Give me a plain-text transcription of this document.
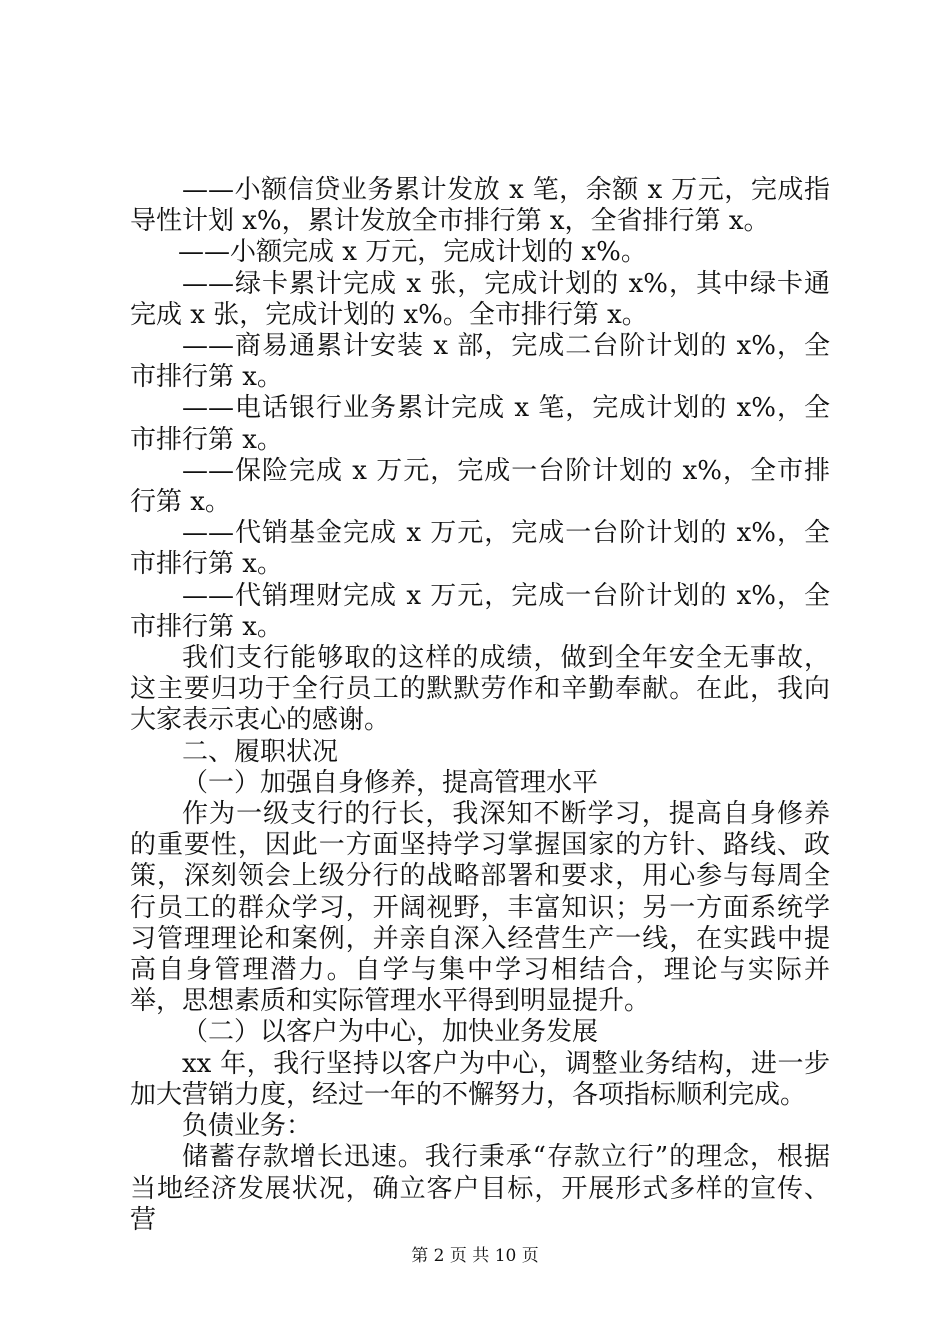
——小额信贷业务累计发放 x 笔，余额 x 万元，完成指导性计划 x%，累计发放全市排行第 x，全省排行第 x。

——小额完成 x 万元，完成计划的 x%。

——绿卡累计完成 x 张，完成计划的 x%，其中绿卡通完成 x 张，完成计划的 x%。全市排行第 x。

——商易通累计安装 x 部，完成二台阶计划的 x%，全市排行第 x。

——电话银行业务累计完成 x 笔，完成计划的 x%，全市排行第 x。

——保险完成 x 万元，完成一台阶计划的 x%，全市排行第 x。

——代销基金完成 x 万元，完成一台阶计划的 x%，全市排行第 x。

——代销理财完成 x 万元，完成一台阶计划的 x%，全市排行第 x。

我们支行能够取的这样的成绩，做到全年安全无事故，这主要归功于全行员工的默默劳作和辛勤奉献。在此，我向大家表示衷心的感谢。

二、履职状况

（一）加强自身修养，提高管理水平

作为一级支行的行长，我深知不断学习，提高自身修养的重要性，因此一方面坚持学习掌握国家的方针、路线、政策，深刻领会上级分行的战略部署和要求，用心参与每周全行员工的群众学习，开阔视野，丰富知识；另一方面系统学习管理理论和案例，并亲自深入经营生产一线，在实践中提高自身管理潜力。自学与集中学习相结合，理论与实际并举，思想素质和实际管理水平得到明显提升。

（二）以客户为中心，加快业务发展

xx 年，我行坚持以客户为中心，调整业务结构，进一步加大营销力度，经过一年的不懈努力，各项指标顺利完成。

负债业务：

储蓄存款增长迅速。我行秉承“存款立行”的理念，根据当地经济发展状况，确立客户目标，开展形式多样的宣传、营

第 2 页 共 10 页
